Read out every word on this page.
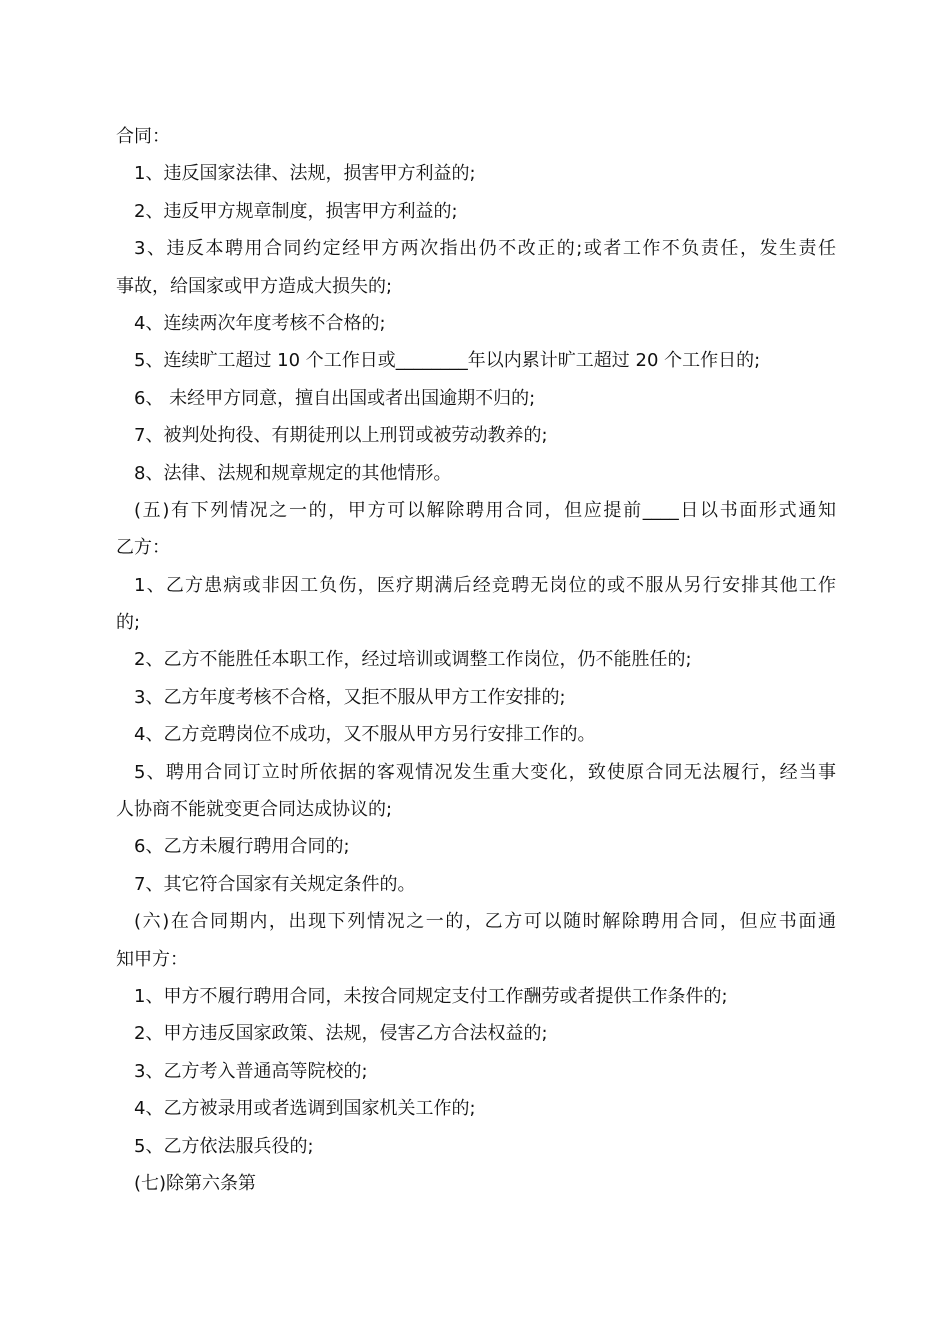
合同：
1、违反国家法律、法规，损害甲方利益的;
2、违反甲方规章制度，损害甲方利益的;
3、违反本聘用合同约定经甲方两次指出仍不改正的;或者工作不负责任，发生责任
事故，给国家或甲方造成大损失的;
4、连续两次年度考核不合格的;
5、连续旷工超过 10 个工作日或________年以内累计旷工超过 20 个工作日的;
6、 未经甲方同意，擅自出国或者出国逾期不归的;
7、被判处拘役、有期徒刑以上刑罚或被劳动教养的;
8、法律、法规和规章规定的其他情形。
(五)有下列情况之一的，甲方可以解除聘用合同，但应提前____日以书面形式通知
乙方：
1、乙方患病或非因工负伤，医疗期满后经竞聘无岗位的或不服从另行安排其他工作
的;
2、乙方不能胜任本职工作，经过培训或调整工作岗位，仍不能胜任的;
3、乙方年度考核不合格，又拒不服从甲方工作安排的;
4、乙方竞聘岗位不成功，又不服从甲方另行安排工作的。
5、聘用合同订立时所依据的客观情况发生重大变化，致使原合同无法履行，经当事
人协商不能就变更合同达成协议的;
6、乙方未履行聘用合同的;
7、其它符合国家有关规定条件的。
(六)在合同期内，出现下列情况之一的，乙方可以随时解除聘用合同，但应书面通
知甲方：
1、甲方不履行聘用合同，未按合同规定支付工作酬劳或者提供工作条件的;
2、甲方违反国家政策、法规，侵害乙方合法权益的;
3、乙方考入普通高等院校的;
4、乙方被录用或者选调到国家机关工作的;
5、乙方依法服兵役的;
(七)除第六条第
